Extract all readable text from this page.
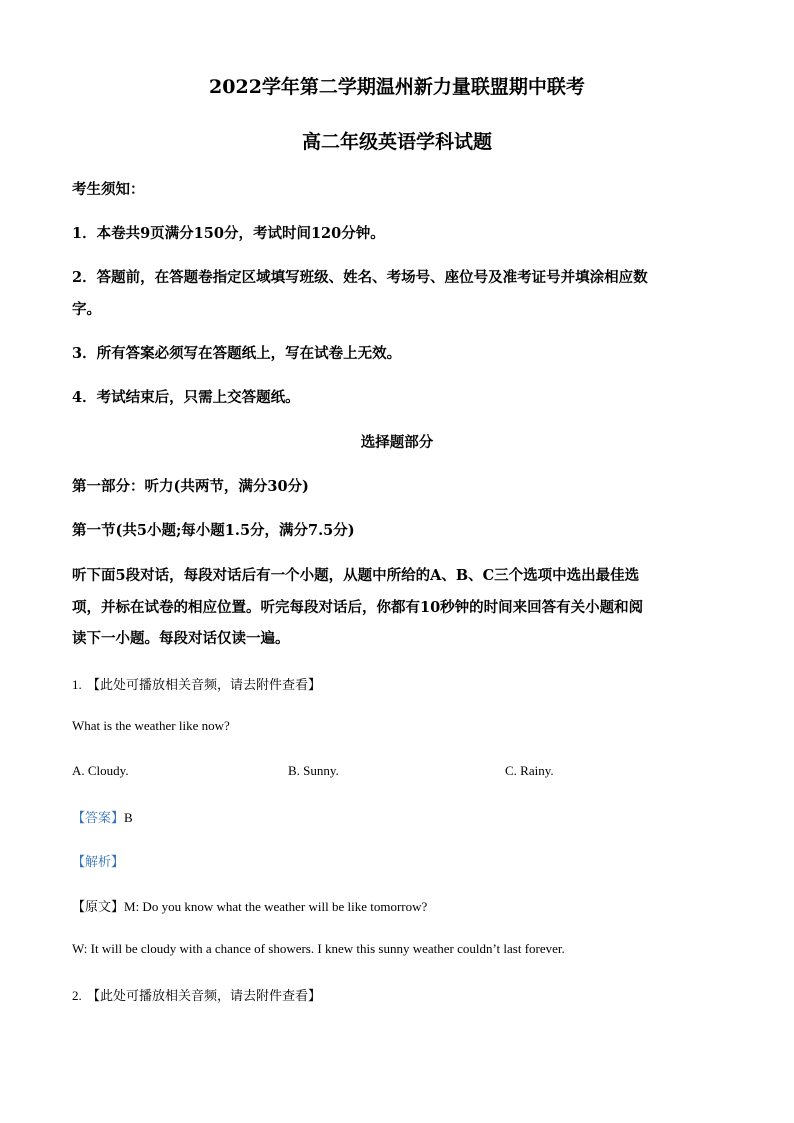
2022学年第二学期温州新力量联盟期中联考
高二年级英语学科试题
考生须知：
1．本卷共9页满分150分，考试时间120分钟。
2．答题前，在答题卷指定区域填写班级、姓名、考场号、座位号及准考证号并填涂相应数
字。
3．所有答案必须写在答题纸上，写在试卷上无效。
4．考试结束后，只需上交答题纸。
选择题部分
第一部分：听力(共两节，满分30分)
第一节(共5小题;每小题1.5分，满分7.5分)
听下面5段对话，每段对话后有一个小题，从题中所给的A、B、C三个选项中选出最佳选
项，并标在试卷的相应位置。听完每段对话后，你都有10秒钟的时间来回答有关小题和阅
读下一小题。每段对话仅读一遍。
1. 【此处可播放相关音频，请去附件查看】
What is the weather like now?
A. Cloudy.	B. Sunny.	C. Rainy.
【答案】B
【解析】
【原文】M: Do you know what the weather will be like tomorrow?
W: It will be cloudy with a chance of showers. I knew this sunny weather couldn’t last forever.
2. 【此处可播放相关音频，请去附件查看】
